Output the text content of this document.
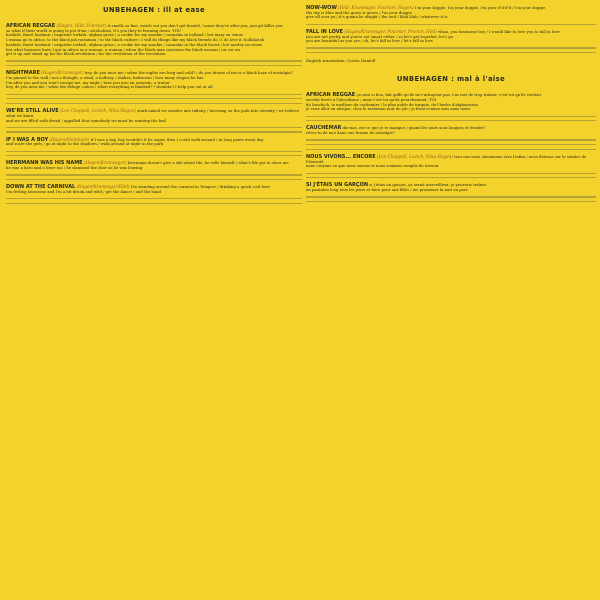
UNBEHAGEN : ill at ease
AFRICAN REGGAE (Hagen, Hild, Fournier) it smells so fine, watch out you don't get busted, 'cause they're after you, you git killer you
so what if their world is going to pot from / alcoholism, it's you they're burning down, YOU
hashish, finest kashmir / exquisite torkish, afghan grass / a cookie for my monkie / cannabis in holland / hot mary on venus
I wanna go to africa, to the black jah rastaman / to the black culture / I will do things like my black friends do / I do love it, hollahatsh
hashish, finest kashmir / exquisite torkish, afghan grass / a cookie for my monkie / cannabis in the black forest / hot marley on venus
but what business have I got in africa as a woman, a woman / when the black man castrates the black woman / ow ow ow
get it up and stand up for the black revolution / for the revolution of the revolution
NIGHTMARE (Hagen/Krumeager) hey, do you miss me / when the nights are long and cold? / do you dream of me in a black haze of nostalgia?
I'm pinned to the wall / not a thought, a wind, a hallway / shakes, bathroom / how many shapes he has
I'm after you and you won't escape me, my night / turn you into an assassin, a traitor
hey, do you miss me / when the deluge comes / when everything is finished? / shouldn't I help you out at all
WE'RE STILL ALIVE (Lee Chappell, Lovich, Nina Hagen) stark naked we wander into infinity / hovering on the path into eternity / we believe what we know
and we are filled with dread / appalled that somebody we must be wanting the bad
IF I WAS A BOY (Hagen/Steinbach) if I was a boy, boy wouldn't it be super, then I could walk around / in long pants every day
and scare the girls / go at night to the shadows / walk around at night in the park
HERRMANN WAS HIS NAME (Hagen/Krumeager) herrmann doesn't give a shit about life, he sells himself / what's life got to show me
he was a hero and a loser too / he slammed the door as he was leaving
DOWN AT THE CARNIVAL (Hagen/Krumeager/Hild) I'm standing around the carnival in Tempow / drinking a quick cool beer
I'm feeling lonesome and I'm a bit drunk and wild / get the dance / and the band
NOW-WOW (Hild, Krumeager, Fournier, Hagen) I'm your doggie, I'm your doggie, I'm your d-d-d-d / I'm your doggie
the sky is blue and the grass is green / I'm your doggie
give all over ya / it's gonna be alright / the end / blah blah / whatever it is
FALL IN LOVE (Hagen/Krumeager, Fournier, Proctor, Hild) whoa, you lonesome boy / I would like to love you to fall in love
you are not pretty and you're not smart either / so let's get together, let's go
you are beautiful as you are / oh, let's fall in love / let's fall in love
English translation: Curtis Daniell
UNBEHAGEN : mal à l'aise
AFRICAN REGGAE ça sent si bon, fait gaffe qu'ils ne t'attrapent pas, t'as tort de trop traîner, c'est toi qu'ils veulent
société livrée à l'alcoolisme / mais c'est toi qu'ils pourchassent, TOI
du haschich, le meilleur du cachemire / le plus noble de turquie, de l'herbe d'afghanistan
je veux aller en afrique, chez le rastaman noir de jah / je ferai comme mes amis noirs
CAUCHEMAR dis-moi, est-ce que je te manque / quand les nuits sont longues et froides?
rêves-tu de moi dans une brume de nostalgie?
NOUS VIVONS... ENCORE (Lee Chappell, Lovich, Nina Hagen) tout nus nous cheminons vers l'infini / nous flottons sur le sentier de l'éternité
nous croyons ce que nous savons et nous sommes remplis de terreur
SI J'ÉTAIS UN GARÇON si j'étais un garçon, ça serait merveilleux, je pourrais traîner
en pantalon long tous les jours et faire peur aux filles / me promener la nuit au parc
